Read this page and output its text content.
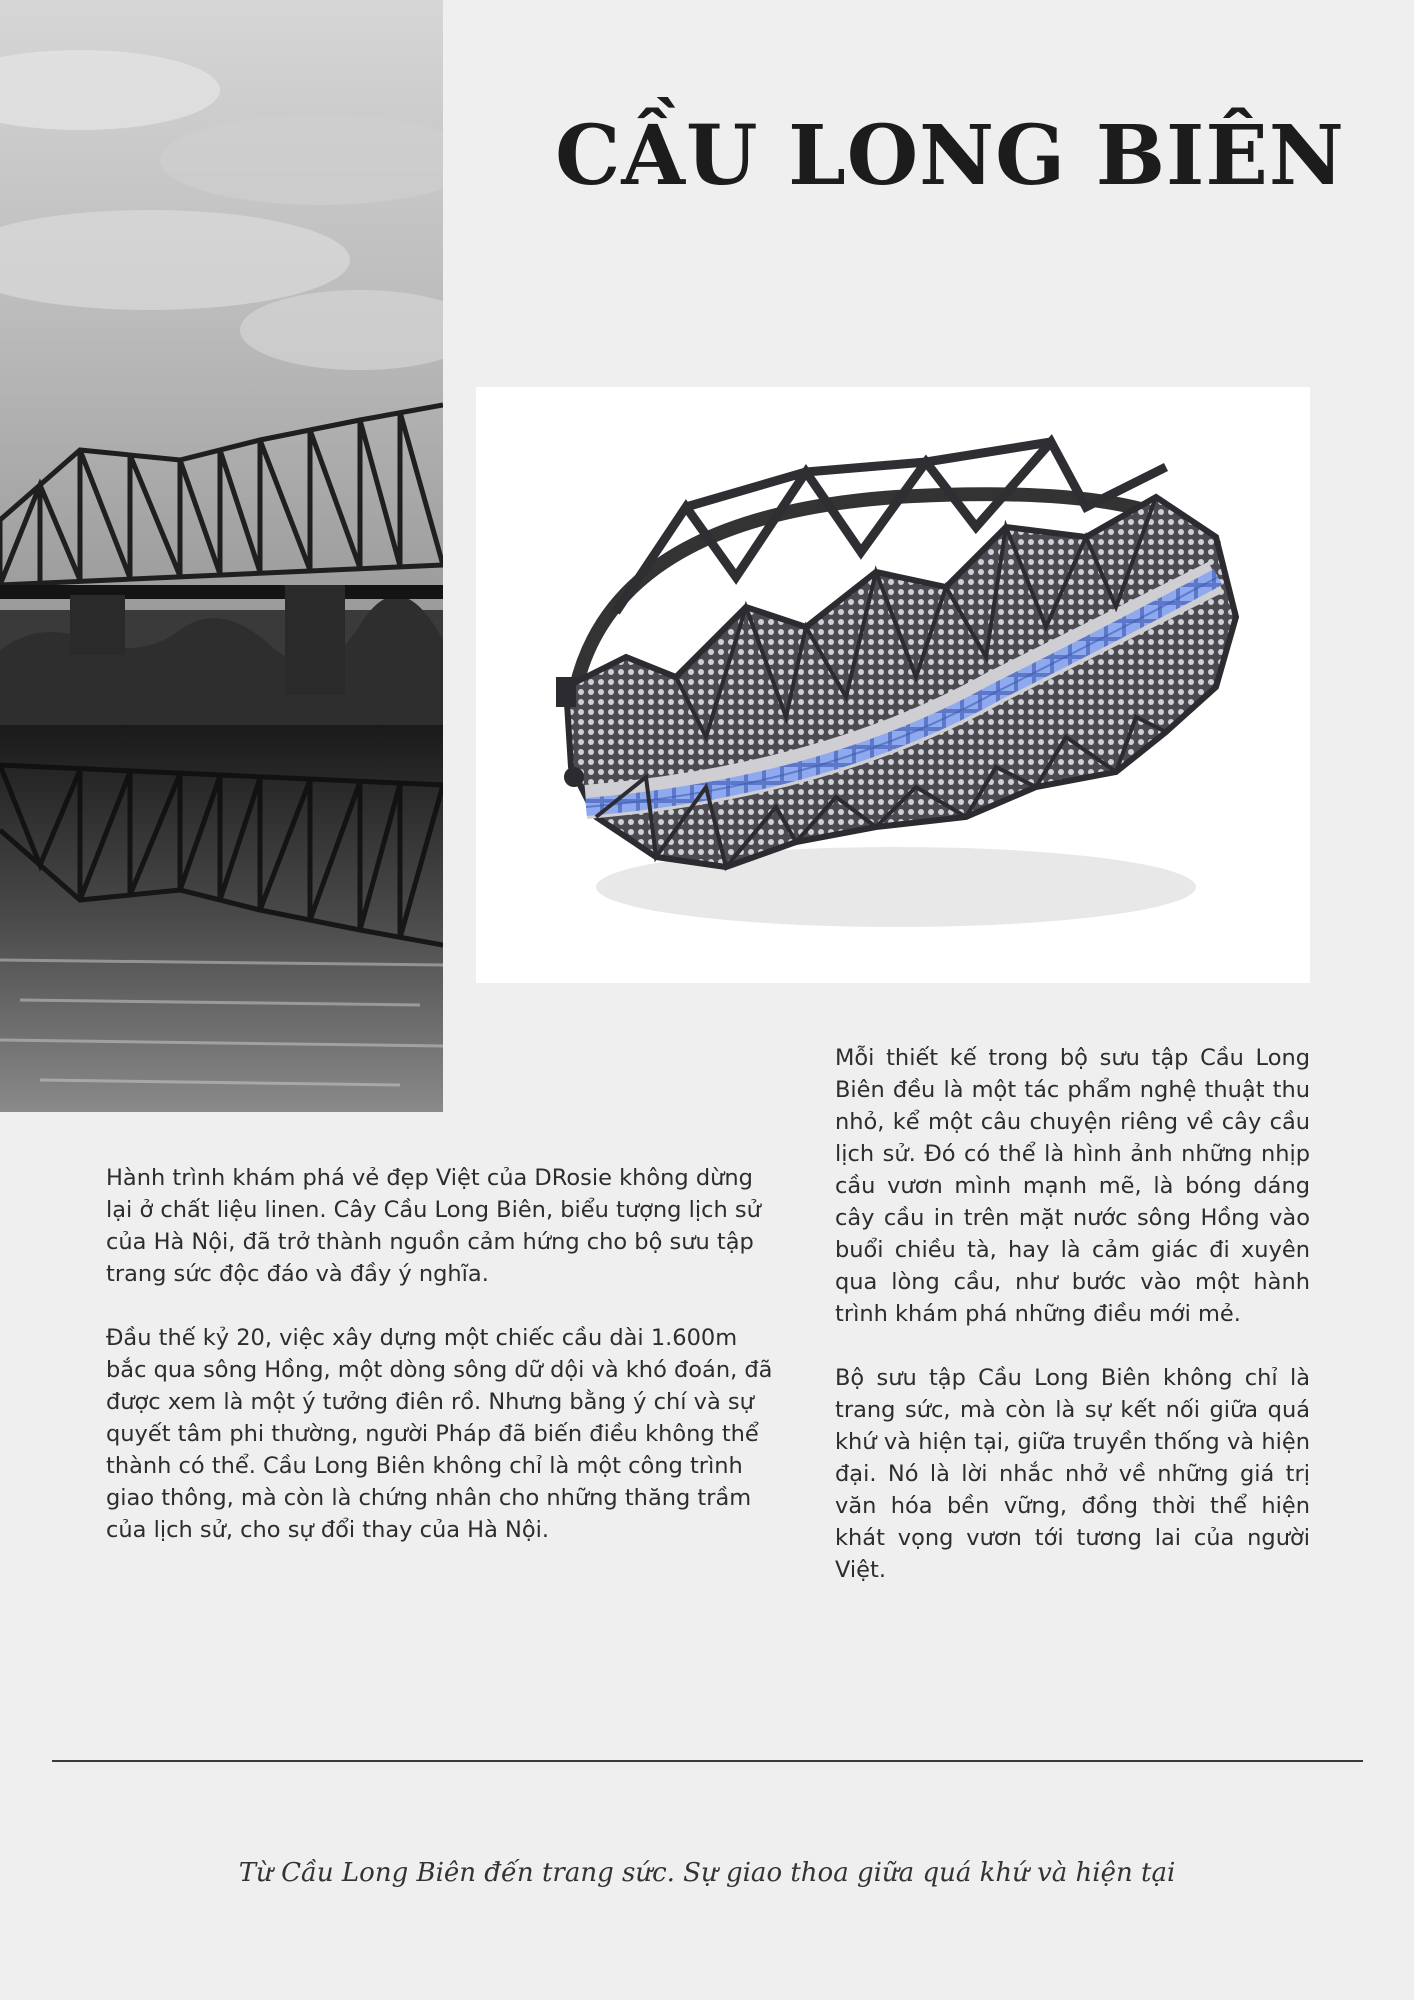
CẦU LONG BIÊN

Hành trình khám phá vẻ đẹp Việt của DRosie không dừng lại ở chất liệu linen. Cây Cầu Long Biên, biểu tượng lịch sử của Hà Nội, đã trở thành nguồn cảm hứng cho bộ sưu tập trang sức độc đáo và đầy ý nghĩa.

Đầu thế kỷ 20, việc xây dựng một chiếc cầu dài 1.600m bắc qua sông Hồng, một dòng sông dữ dội và khó đoán, đã được xem là một ý tưởng điên rồ. Nhưng bằng ý chí và sự quyết tâm phi thường, người Pháp đã biến điều không thể thành có thể. Cầu Long Biên không chỉ là một công trình giao thông, mà còn là chứng nhân cho những thăng trầm của lịch sử, cho sự đổi thay của Hà Nội.

Mỗi thiết kế trong bộ sưu tập Cầu Long Biên đều là một tác phẩm nghệ thuật thu nhỏ, kể một câu chuyện riêng về cây cầu lịch sử. Đó có thể là hình ảnh những nhịp cầu vươn mình mạnh mẽ, là bóng dáng cây cầu in trên mặt nước sông Hồng vào buổi chiều tà, hay là cảm giác đi xuyên qua lòng cầu, như bước vào một hành trình khám phá những điều mới mẻ.

Bộ sưu tập Cầu Long Biên không chỉ là trang sức, mà còn là sự kết nối giữa quá khứ và hiện tại, giữa truyền thống và hiện đại. Nó là lời nhắc nhở về những giá trị văn hóa bền vững, đồng thời thể hiện khát vọng vươn tới tương lai của người Việt.

Từ Cầu Long Biên đến trang sức. Sự giao thoa giữa quá khứ và hiện tại
